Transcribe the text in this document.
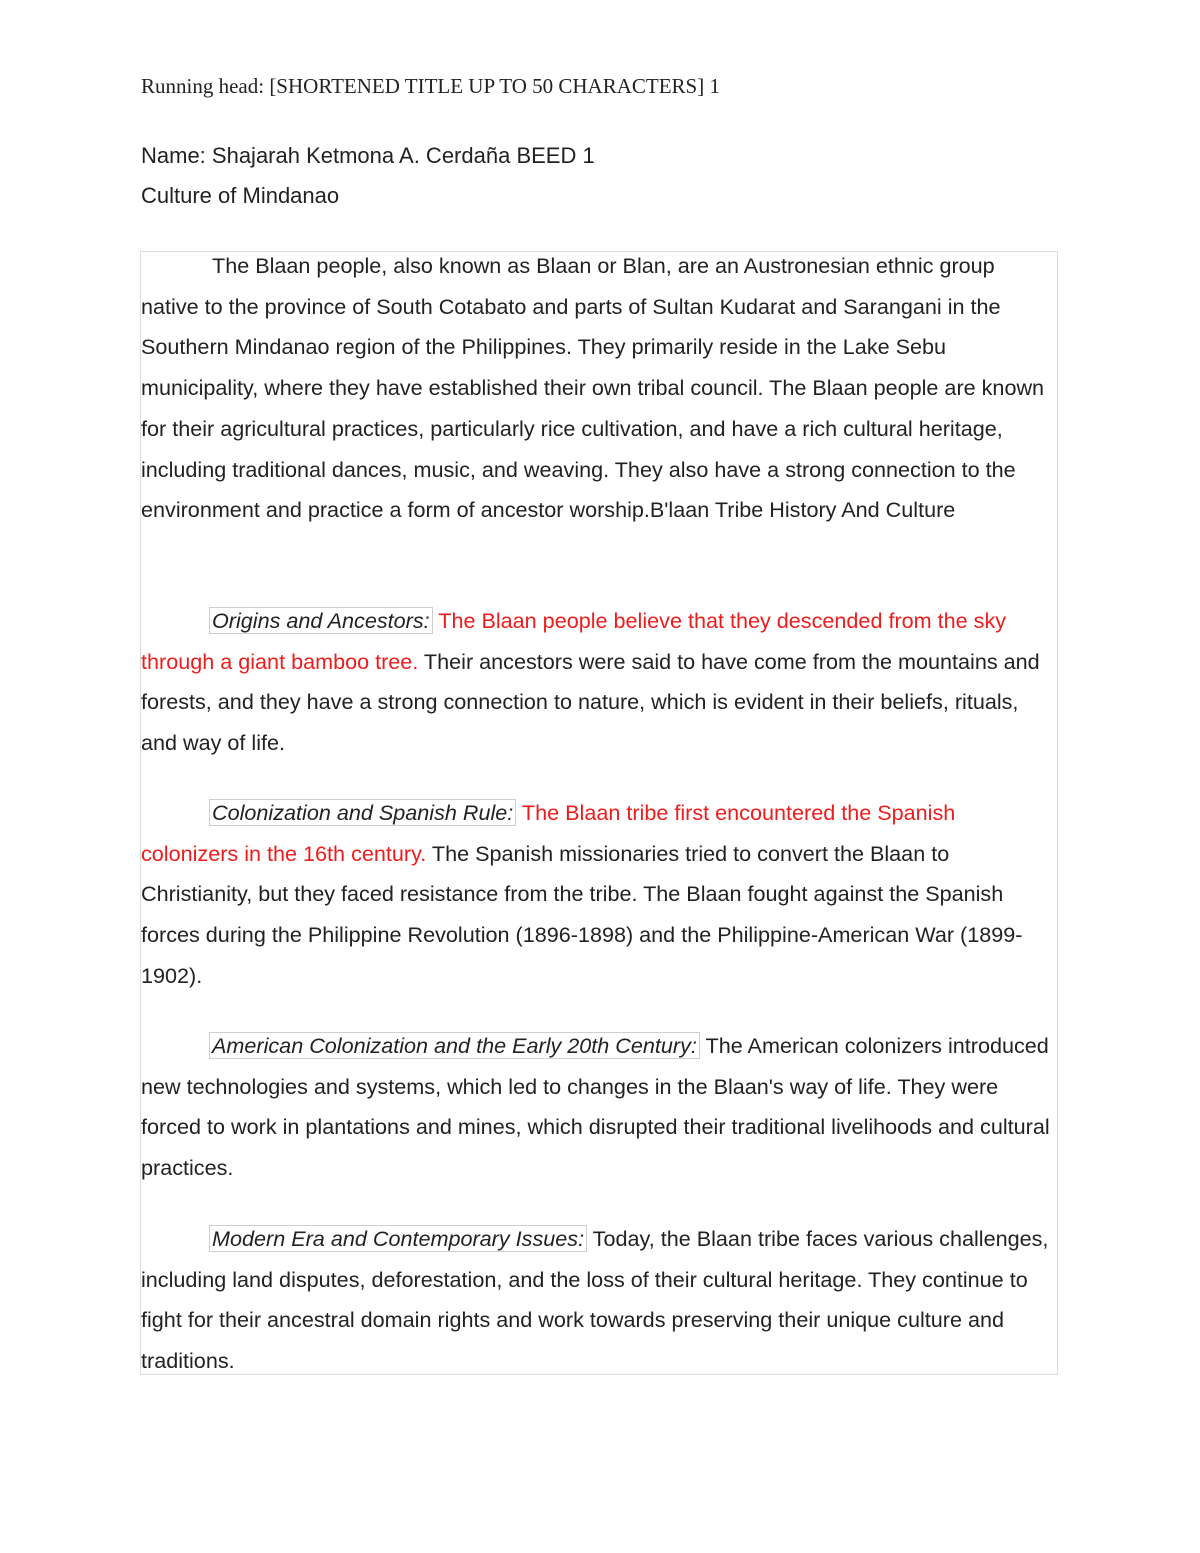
Running head: [SHORTENED TITLE UP TO 50 CHARACTERS] 1
Name: Shajarah Ketmona A. Cerdaña BEED 1
Culture of Mindanao

The Blaan people, also known as Blaan or Blan, are an Austronesian ethnic group native to the province of South Cotabato and parts of Sultan Kudarat and Sarangani in the Southern Mindanao region of the Philippines. They primarily reside in the Lake Sebu municipality, where they have established their own tribal council. The Blaan people are known for their agricultural practices, particularly rice cultivation, and have a rich cultural heritage, including traditional dances, music, and weaving. They also have a strong connection to the environment and practice a form of ancestor worship.B'laan Tribe History And Culture

Origins and Ancestors: The Blaan people believe that they descended from the sky through a giant bamboo tree. Their ancestors were said to have come from the mountains and forests, and they have a strong connection to nature, which is evident in their beliefs, rituals, and way of life.

Colonization and Spanish Rule: The Blaan tribe first encountered the Spanish colonizers in the 16th century. The Spanish missionaries tried to convert the Blaan to Christianity, but they faced resistance from the tribe. The Blaan fought against the Spanish forces during the Philippine Revolution (1896-1898) and the Philippine-American War (1899-1902).

American Colonization and the Early 20th Century: The American colonizers introduced new technologies and systems, which led to changes in the Blaan's way of life. They were forced to work in plantations and mines, which disrupted their traditional livelihoods and cultural practices.

Modern Era and Contemporary Issues: Today, the Blaan tribe faces various challenges, including land disputes, deforestation, and the loss of their cultural heritage. They continue to fight for their ancestral domain rights and work towards preserving their unique culture and traditions.
